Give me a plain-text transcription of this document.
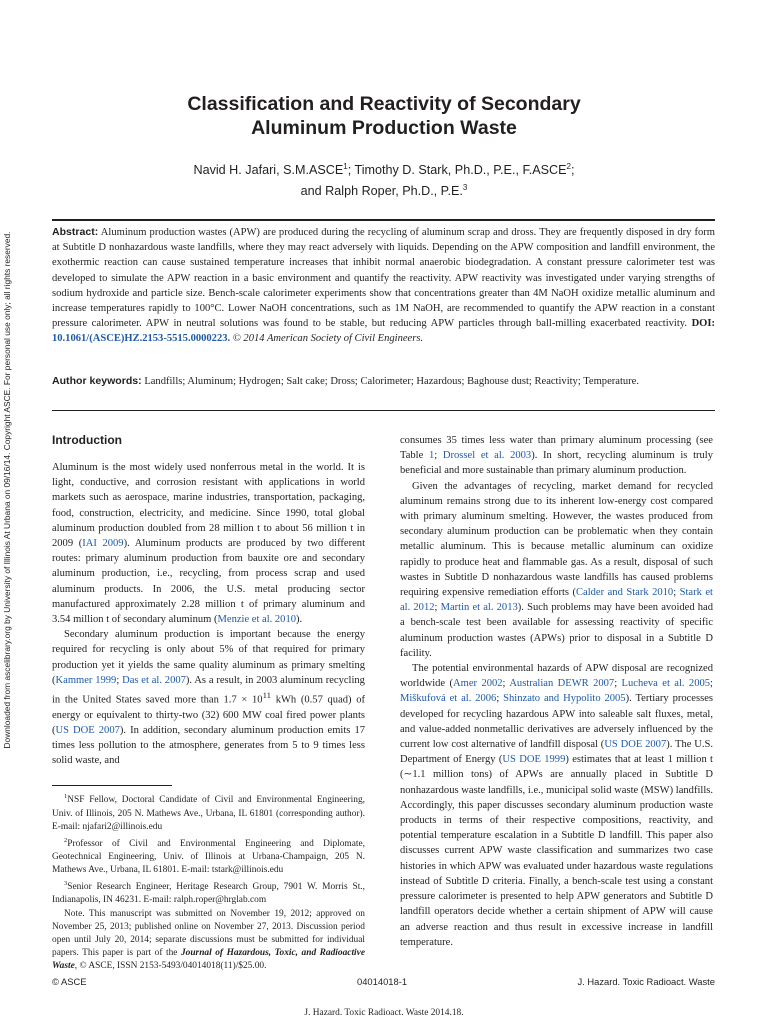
Downloaded from ascelibrary.org by University of Illinois At Urbana on 09/16/14. Copyright ASCE. For personal use only; all rights reserved.
Classification and Reactivity of Secondary
Aluminum Production Waste
Navid H. Jafari, S.M.ASCE$^1$; Timothy D. Stark, Ph.D., P.E., F.ASCE$^2$;
and Ralph Roper, Ph.D., P.E.$^3$
Abstract: Aluminum production wastes (APW) are produced during the recycling of aluminum scrap and dross. They are frequently disposed in dry form at Subtitle D nonhazardous waste landfills, where they may react adversely with liquids. Depending on the APW composition and landfill environment, the exothermic reaction can cause sustained temperature increases that inhibit normal anaerobic biodegradation. A constant pressure calorimeter test was developed to simulate the APW reaction in a basic environment and quantify the reactivity. APW reactivity was investigated under varying strengths of sodium hydroxide and particle size. Bench-scale calorimeter experiments show that concentrations greater than 4M NaOH oxidize metallic aluminum and increase temperatures rapidly to 100°C. Lower NaOH concentrations, such as 1M NaOH, are recommended to quantify the APW reaction in a constant pressure calorimeter. APW in neutral solutions was found to be stable, but reducing APW particles through ball-milling exacerbated reactivity. DOI: 10.1061/(ASCE)HZ.2153-5515.0000223. © 2014 American Society of Civil Engineers.
Author keywords: Landfills; Aluminum; Hydrogen; Salt cake; Dross; Calorimeter; Hazardous; Baghouse dust; Reactivity; Temperature.
Introduction

Aluminum is the most widely used nonferrous metal in the world. It is light, conductive, and corrosion resistant with applications in world markets such as aerospace, marine industries, transportation, packaging, food, construction, electricity, and medicine. Since 1990, total global aluminum production doubled from 28 million t to about 56 million t in 2009 (IAI 2009). Aluminum products are produced by two different routes: primary aluminum production from bauxite ore and secondary aluminum production, i.e., recycling, from process scrap and used aluminum products. In 2006, the U.S. metal producing sector manufactured approximately 2.28 million t of primary aluminum and 3.54 million t of secondary aluminum (Menzie et al. 2010).

Secondary aluminum production is important because the energy required for recycling is only about 5% of that required for primary production yet it yields the same quality aluminum as primary smelting (Kammer 1999; Das et al. 2007). As a result, in 2003 aluminum recycling in the United States saved more than $1.7 \times 10^{11}$ kWh (0.57 quad) of energy or equivalent to thirty-two (32) 600 MW coal fired power plants (US DOE 2007). In addition, secondary aluminum production emits 17 times less pollution to the atmosphere, generates from 5 to 9 times less solid waste, and

$^1$NSF Fellow, Doctoral Candidate of Civil and Environmental Engineering, Univ. of Illinois, 205 N. Mathews Ave., Urbana, IL 61801 (corresponding author). E-mail: njafari2@illinois.edu

$^2$Professor of Civil and Environmental Engineering and Diplomate, Geotechnical Engineering, Univ. of Illinois at Urbana-Champaign, 205 N. Mathews Ave., Urbana, IL 61801. E-mail: tstark@illinois.edu

$^3$Senior Research Engineer, Heritage Research Group, 7901 W. Morris St., Indianapolis, IN 46231. E-mail: ralph.roper@hrglab.com

Note. This manuscript was submitted on November 19, 2012; approved on November 25, 2013; published online on November 27, 2013. Discussion period open until July 20, 2014; separate discussions must be submitted for individual papers. This paper is part of the Journal of Hazardous, Toxic, and Radioactive Waste, © ASCE, ISSN 2153-5493/04014018(11)/$25.00.

consumes 35 times less water than primary aluminum processing (see Table 1; Drossel et al. 2003). In short, recycling aluminum is truly beneficial and more sustainable than primary aluminum production.

Given the advantages of recycling, market demand for recycled aluminum remains strong due to its inherent low-energy cost compared with primary aluminum smelting. However, the wastes produced from secondary aluminum production can be problematic when they contain metallic aluminum. This is because metallic aluminum can oxidize rapidly to produce heat and flammable gas. As a result, disposal of such wastes in Subtitle D nonhazardous waste landfills has caused problems requiring expensive remediation efforts (Calder and Stark 2010; Stark et al. 2012; Martin et al. 2013). Such problems may have been avoided had a bench-scale test been available for assessing reactivity of specific aluminum production wastes (APWs) prior to disposal in a Subtitle D facility.

The potential environmental hazards of APW disposal are recognized worldwide (Amer 2002; Australian DEWR 2007; Lucheva et al. 2005; Miškufová et al. 2006; Shinzato and Hypolito 2005). Tertiary processes developed for recycling hazardous APW into saleable salt fluxes, metal, and value-added nonmetallic derivatives are adversely influenced by the current low cost alternative of landfill disposal (US DOE 2007). The U.S. Department of Energy (US DOE 1999) estimates that at least 1 million t (∼1.1 million tons) of APWs are annually placed in Subtitle D nonhazardous waste landfills, i.e., municipal solid waste (MSW) landfills. Accordingly, this paper discusses secondary aluminum production waste products in terms of their respective compositions, reactivity, and potential temperature escalation in a Subtitle D landfill. This paper also discusses current APW waste classification and summarizes two case histories in which APW was evaluated under hazardous waste regulations instead of Subtitle D criteria. Finally, a bench-scale test using a constant pressure calorimeter is presented to help APW generators and Subtitle D landfill operators decide whether a certain shipment of APW will cause an adverse reaction and thus result in excessive increase in landfill temperature.

© ASCE	04014018-1	J. Hazard. Toxic Radioact. Waste
J. Hazard. Toxic Radioact. Waste 2014.18.
